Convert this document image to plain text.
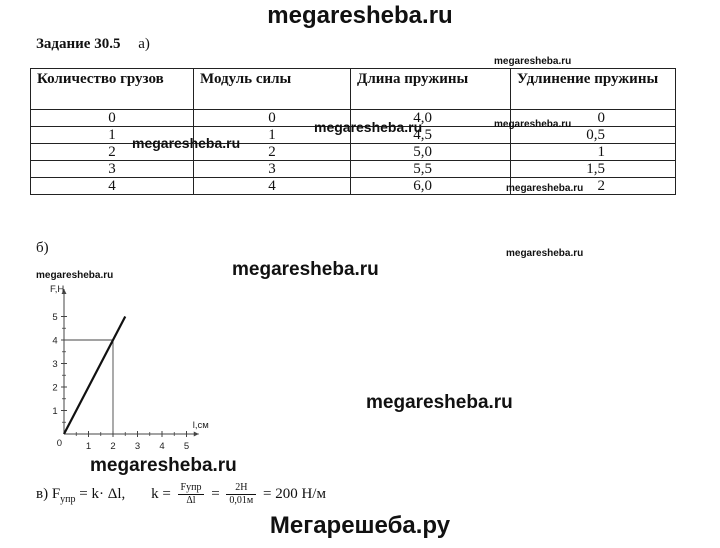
megaresheba.ru
Задание 30.5 а)
megaresheba.ru
Количество грузов	Модуль силы	Длина пружины	Удлинение пружины
0	0	4,0	0
1	1	4,5	0,5
2	2	5,0	1
3	3	5,5	1,5
4	4	6,0	2
megaresheba.ru	megaresheba.ru
megaresheba.ru
megaresheba.ru
б)	megaresheba.ru
megaresheba.ru	megaresheba.ru
megaresheba.ru
1 2 3 4 5
1
2
3
4
5
0
F,Н
l,см
megaresheba.ru
в) $F_{упр} = k\cdot \Delta l$, $k = \frac{\text{Fупр}}{\Delta l} = \frac{2Н}{0,01м} = 200$ Н/м
Мегарешеба.ру
